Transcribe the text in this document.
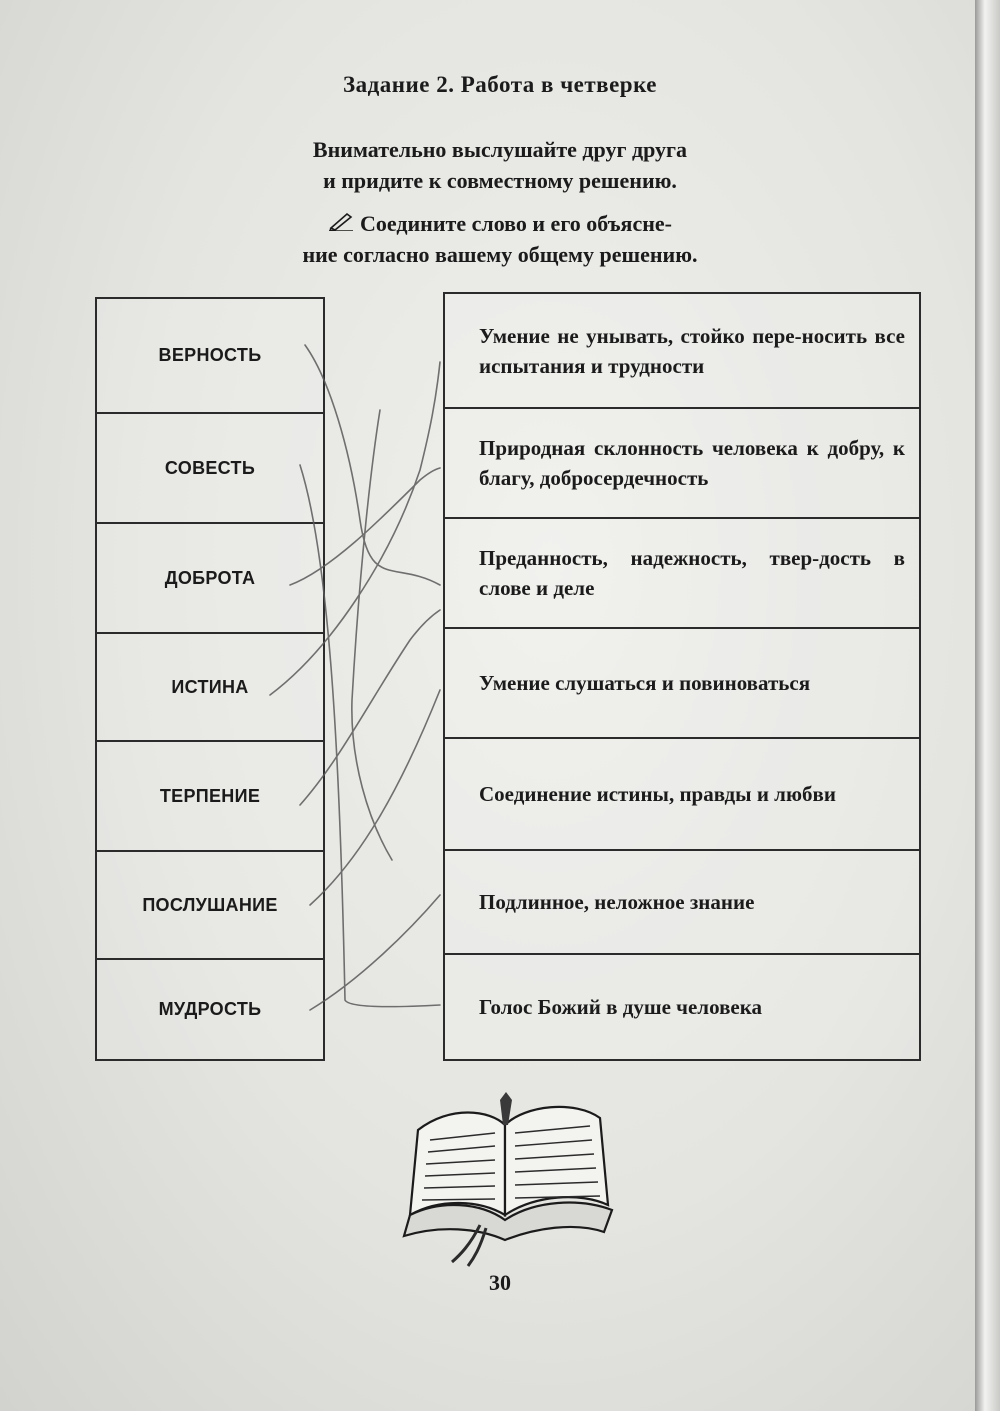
Задание 2. Работа в четверке
Внимательно выслушайте друг друга
и придите к совместному решению.
Соедините слово и его объясне-
ние согласно вашему общему решению.
ВЕРНОСТЬ
СОВЕСТЬ
ДОБРОТА
ИСТИНА
ТЕРПЕНИЕ
ПОСЛУШАНИЕ
МУДРОСТЬ
Умение не унывать, стойко пере-носить все испытания и трудности
Природная склонность человека к добру, к благу, добросердечность
Преданность, надежность, твер-дость в слове и деле
Умение слушаться и повиноваться
Соединение истины, правды и любви
Подлинное, неложное знание
Голос Божий в душе человека
30
